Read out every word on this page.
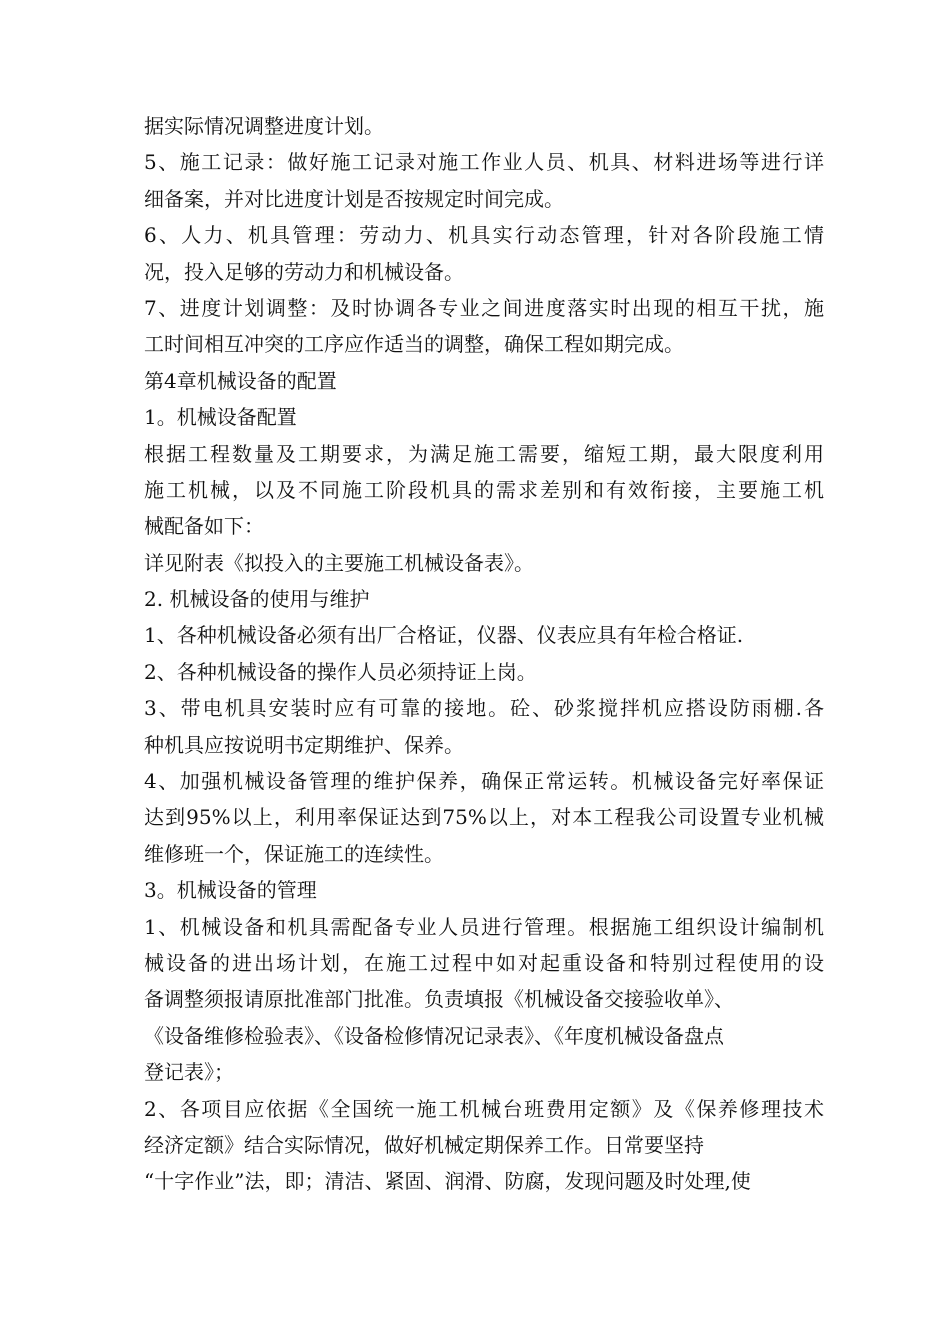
据实际情况调整进度计划。
5、施工记录：做好施工记录对施工作业人员、机具、材料进场等进行详
细备案，并对比进度计划是否按规定时间完成。
6、人力、机具管理：劳动力、机具实行动态管理，针对各阶段施工情
况，投入足够的劳动力和机械设备。
7、进度计划调整：及时协调各专业之间进度落实时出现的相互干扰，施
工时间相互冲突的工序应作适当的调整，确保工程如期完成。
第4章机械设备的配置
1。机械设备配置
根据工程数量及工期要求，为满足施工需要，缩短工期，最大限度利用
施工机械，以及不同施工阶段机具的需求差别和有效衔接，主要施工机
械配备如下：
详见附表《拟投入的主要施工机械设备表》。
2. 机械设备的使用与维护
1、各种机械设备必须有出厂合格证，仪器、仪表应具有年检合格证.
2、各种机械设备的操作人员必须持证上岗。
3、带电机具安装时应有可靠的接地。砼、砂浆搅拌机应搭设防雨棚.各
种机具应按说明书定期维护、保养。
4、加强机械设备管理的维护保养，确保正常运转。机械设备完好率保证
达到95%以上，利用率保证达到75%以上，对本工程我公司设置专业机械
维修班一个，保证施工的连续性。
3。机械设备的管理
1、机械设备和机具需配备专业人员进行管理。根据施工组织设计编制机
械设备的进出场计划，在施工过程中如对起重设备和特别过程使用的设
备调整须报请原批准部门批准。负责填报《机械设备交接验收单》、
《设备维修检验表》、《设备检修情况记录表》、《年度机械设备盘点
登记表》；
2、各项目应依据《全国统一施工机械台班费用定额》及《保养修理技术
经济定额》结合实际情况，做好机械定期保养工作。日常要坚持
“十字作业”法，即；清洁、紧固、润滑、防腐，发现问题及时处理,使
